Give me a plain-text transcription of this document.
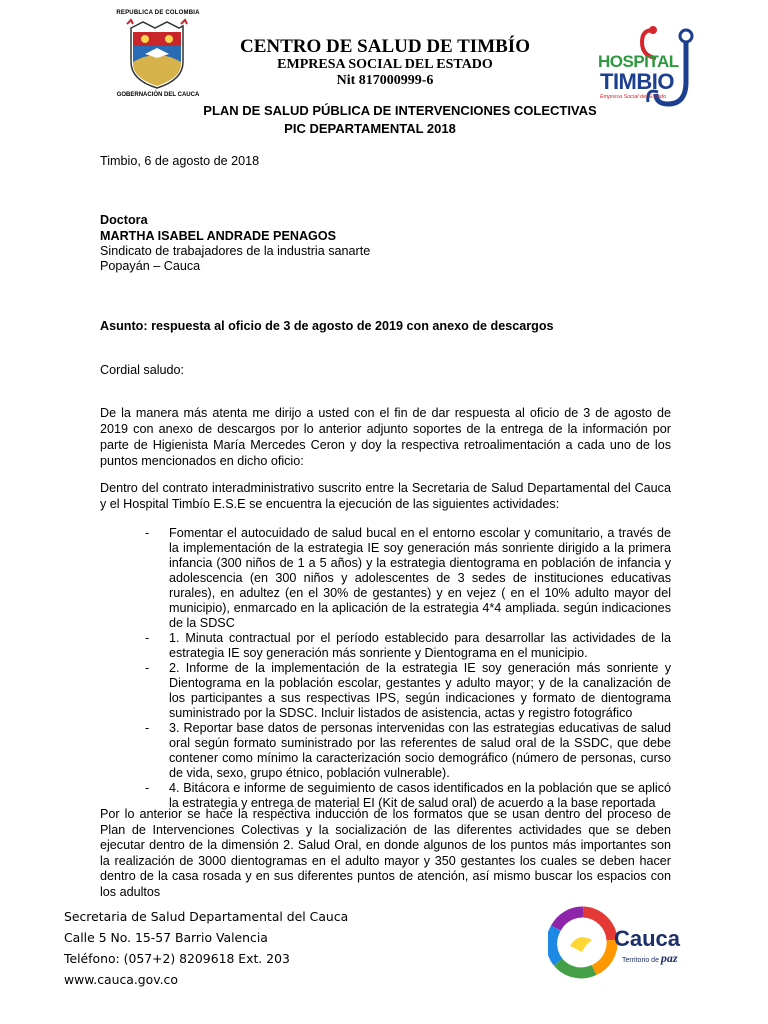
REPUBLICA DE COLOMBIA
GOBERNACIÓN DEL CAUCA
CENTRO DE SALUD DE TIMBÍO
EMPRESA SOCIAL DEL ESTADO
Nit 817000999-6
PLAN DE SALUD PÚBLICA DE INTERVENCIONES COLECTIVAS
PIC DEPARTAMENTAL 2018
HOSPITAL
TIMBIO
Empresa Social del Estado
Timbio, 6 de agosto de 2018
Doctora
MARTHA ISABEL ANDRADE PENAGOS
Sindicato de trabajadores de la industria sanarte
Popayán – Cauca
Asunto: respuesta al oficio de 3 de agosto de 2019 con anexo de descargos
Cordial saludo:
De la manera más atenta me dirijo a usted con el fin de dar respuesta al oficio de 3 de agosto de 2019 con anexo de descargos por lo anterior adjunto soportes de la entrega de la información por parte de Higienista María Mercedes Ceron y doy la respectiva retroalimentación a cada uno de los puntos mencionados en dicho oficio:
Dentro del contrato interadministrativo suscrito entre la Secretaria de Salud Departamental del Cauca y el Hospital Timbío E.S.E se encuentra la ejecución de las siguientes actividades:
- Fomentar el autocuidado de salud bucal en el entorno escolar y comunitario, a través de la implementación de la estrategia IE soy generación más sonriente dirigido a la primera infancia (300 niños de 1 a 5 años) y la estrategia dientograma en población de infancia y adolescencia (en 300 niños y adolescentes de 3 sedes de instituciones educativas rurales), en adultez (en el 30% de gestantes) y en vejez ( en el 10% adulto mayor del municipio), enmarcado en la aplicación de la estrategia 4*4 ampliada. según indicaciones de la SDSC
- 1. Minuta contractual por el período establecido para desarrollar las actividades de la estrategia IE soy generación más sonriente y Dientograma en el municipio.
- 2. Informe de la implementación de la estrategia IE soy generación más sonriente y Dientograma en la población escolar, gestantes y adulto mayor; y de la canalización de los participantes a sus respectivas IPS, según indicaciones y formato de dientograma suministrado por la SDSC. Incluir listados de asistencia, actas y registro fotográfico
- 3. Reportar base datos de personas intervenidas con las estrategias educativas de salud oral según formato suministrado por las referentes de salud oral de la SSDC, que debe contener como mínimo la caracterización socio demográfico (número de personas, curso de vida, sexo, grupo étnico, población vulnerable).
- 4. Bitácora e informe de seguimiento de casos identificados en la población que se aplicó la estrategia y entrega de material EI (Kit de salud oral) de acuerdo a la base reportada
Por lo anterior se hace la respectiva inducción de los formatos que se usan dentro del proceso de Plan de Intervenciones Colectivas y la socialización de las diferentes actividades que se deben ejecutar dentro de la dimensión 2. Salud Oral, en donde algunos de los puntos más importantes son la realización de 3000 dientogramas en el adulto mayor y 350 gestantes los cuales se deben hacer dentro de la casa rosada y en sus diferentes puntos de atención, así mismo buscar los espacios con los adultos
Secretaria de Salud Departamental del Cauca
Calle 5 No. 15-57 Barrio Valencia
Teléfono: (057+2) 8209618 Ext. 203
www.cauca.gov.co
Cauca
Territorio de paz
